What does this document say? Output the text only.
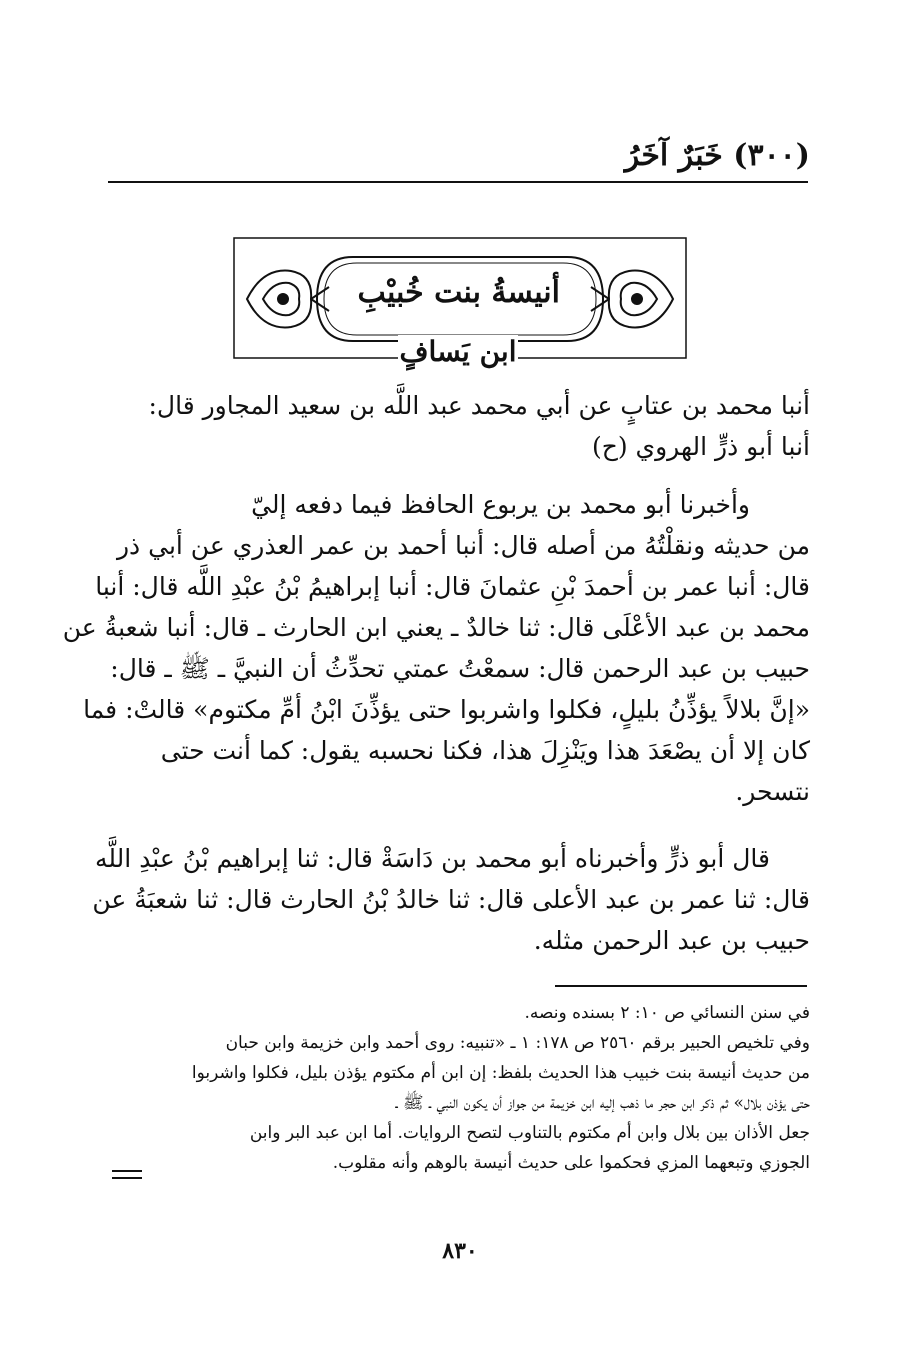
(٣٠٠) خَبَرٌ آخَرُ
أنيسةُ بنت خُبيْبِ
ابن يَسافٍ

أنبا محمد بن عتابٍ عن أبي محمد عبد اللَّه بن سعيد المجاور قال:

أنبا أبو ذرٍّ الهروي (ح)

وأخبرنا أبو محمد بن يربوع الحافظ فيما دفعه إليّ

من حديثه ونقلْتُهُ من أصله قال: أنبا أحمد بن عمر العذري عن أبي ذر

قال: أنبا عمر بن أحمدَ بْنِ عثمانَ قال: أنبا إبراهيمُ بْنُ عبْدِ اللَّه قال: أنبا

محمد بن عبد الأعْلَى قال: ثنا خالدٌ ـ يعني ابن الحارث ـ قال: أنبا شعبةُ عن

حبيب بن عبد الرحمن قال: سمعْتُ عمتي تحدِّثُ أن النبيَّ ـ ﷺ ـ قال:

«إنَّ بلالاً يؤذِّنُ بليلٍ، فكلوا واشربوا حتى يؤذِّنَ ابْنُ أمِّ مكتوم» قالتْ: فما

كان إلا أن يصْعَدَ هذا ويَنْزِلَ هذا، فكنا نحسبه يقول: كما أنت حتى

نتسحر.

قال أبو ذرٍّ وأخبرناه أبو محمد بن دَاسَةْ قال: ثنا إبراهيم بْنُ عبْدِ اللَّه

قال: ثنا عمر بن عبد الأعلى قال: ثنا خالدُ بْنُ الحارث قال: ثنا شعبَةُ عن

حبيب بن عبد الرحمن مثله.

في سنن النسائي ص ١٠: ٢ بسنده ونصه.

وفي تلخيص الحبير برقم ٢٥٦٠ ص ١٧٨: ١ ـ «تنبيه: روى أحمد وابن خزيمة وابن حبان

من حديث أنيسة بنت خبيب هذا الحديث بلفظ: إن ابن أم مكتوم يؤذن بليل، فكلوا واشربوا

حتى يؤذن بلال» ثم ذكر ابن حجر ما ذهب إليه ابن خزيمة من جواز أن يكون النبي ـ ﷺ ـ

جعل الأذان بين بلال وابن أم مكتوم بالتناوب لتصح الروايات. أما ابن عبد البر وابن

الجوزي وتبعهما المزي فحكموا على حديث أنيسة بالوهم وأنه مقلوب.

٨٣٠
